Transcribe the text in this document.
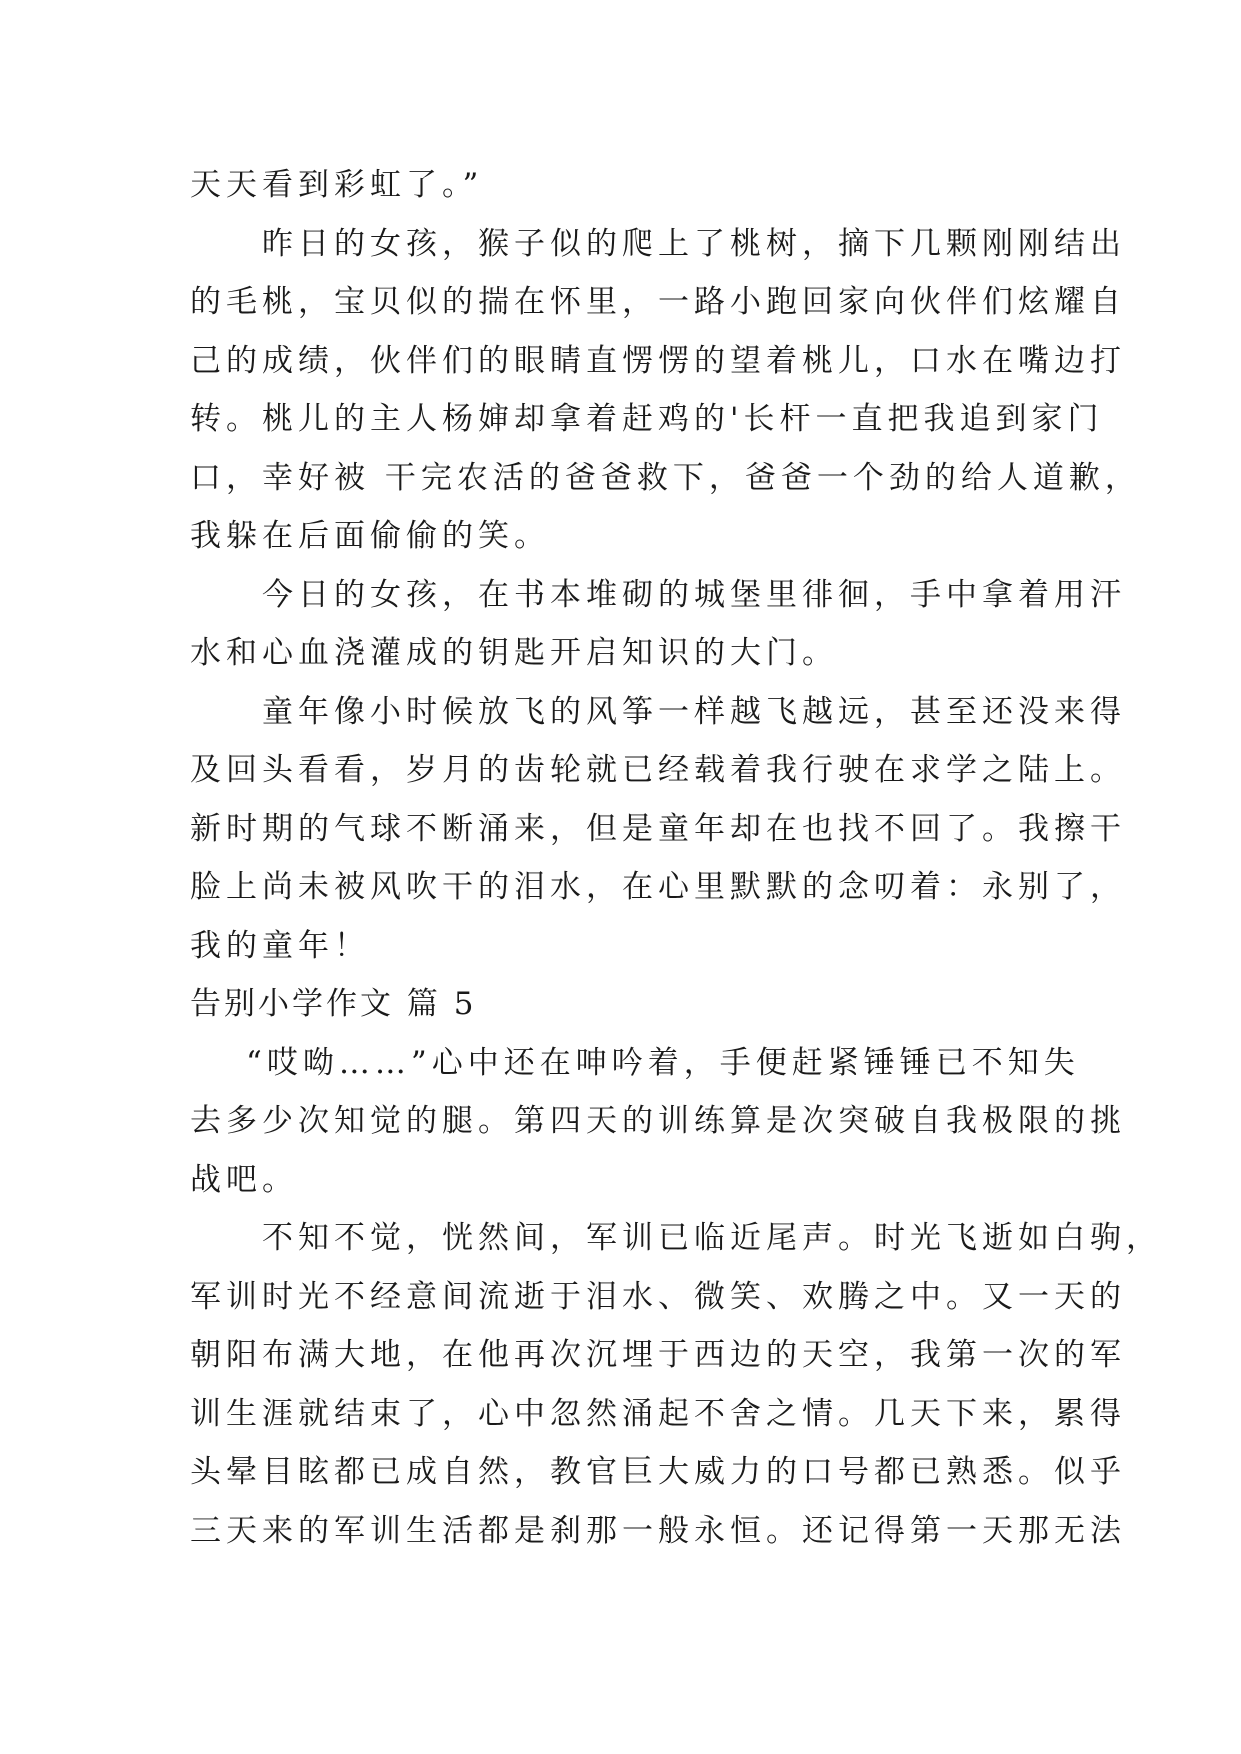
天天看到彩虹了。”
昨日的女孩，猴子似的爬上了桃树，摘下几颗刚刚结出
的毛桃，宝贝似的揣在怀里，一路小跑回家向伙伴们炫耀自
己的成绩，伙伴们的眼睛直愣愣的望着桃儿，口水在嘴边打
转。桃儿的主人杨婶却拿着赶鸡的'长杆一直把我追到家门
口，幸好被 干完农活的爸爸救下，爸爸一个劲的给人道歉，
我躲在后面偷偷的笑。
今日的女孩，在书本堆砌的城堡里徘徊，手中拿着用汗
水和心血浇灌成的钥匙开启知识的大门。
童年像小时候放飞的风筝一样越飞越远，甚至还没来得
及回头看看，岁月的齿轮就已经载着我行驶在求学之陆上。
新时期的气球不断涌来，但是童年却在也找不回了。我擦干
脸上尚未被风吹干的泪水，在心里默默的念叨着：永别了，
我的童年！
告别小学作文 篇 5
“哎呦……”心中还在呻吟着，手便赶紧锤锤已不知失
去多少次知觉的腿。第四天的训练算是次突破自我极限的挑
战吧。
不知不觉，恍然间，军训已临近尾声。时光飞逝如白驹，
军训时光不经意间流逝于泪水、微笑、欢腾之中。又一天的
朝阳布满大地，在他再次沉埋于西边的天空，我第一次的军
训生涯就结束了，心中忽然涌起不舍之情。几天下来，累得
头晕目眩都已成自然，教官巨大威力的口号都已熟悉。似乎
三天来的军训生活都是刹那一般永恒。还记得第一天那无法
